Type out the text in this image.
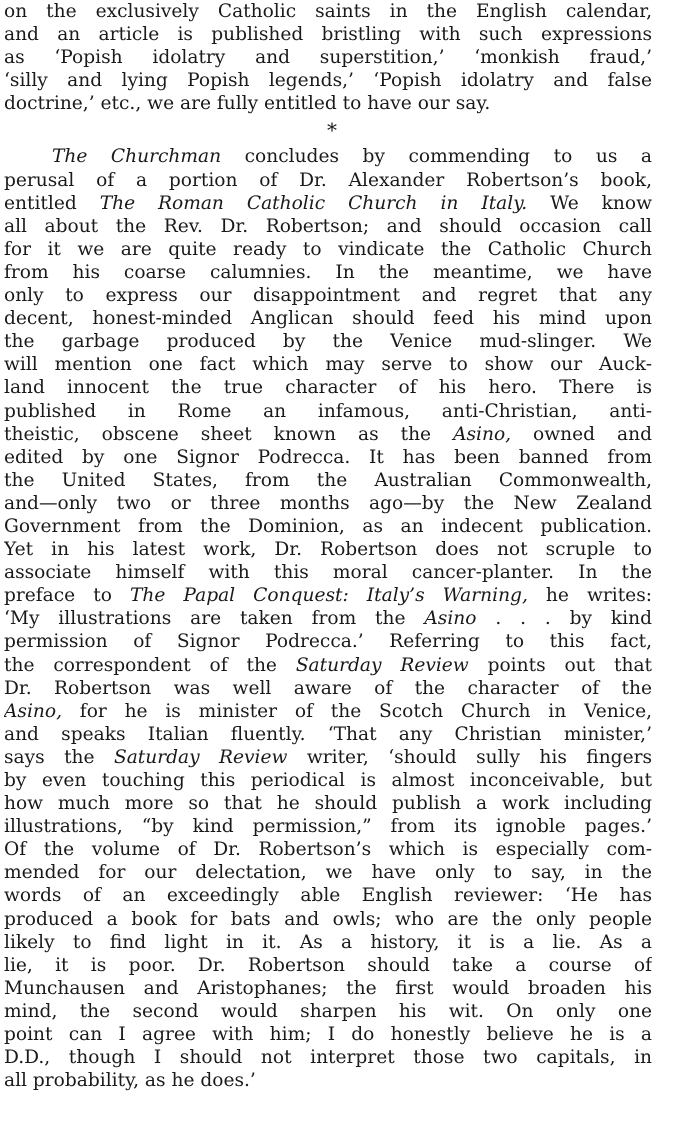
on the exclusively Catholic saints in the English calendar,
and an article is published bristling with such expressions
as ‘Popish idolatry and superstition,’ ‘monkish fraud,’
‘silly and lying Popish legends,’ ‘Popish idolatry and false
doctrine,’ etc., we are fully entitled to have our say.
*
The Churchman concludes by commending to us a
perusal of a portion of Dr. Alexander Robertson’s book,
entitled The Roman Catholic Church in Italy. We know
all about the Rev. Dr. Robertson; and should occasion call
for it we are quite ready to vindicate the Catholic Church
from his coarse calumnies. In the meantime, we have
only to express our disappointment and regret that any
decent, honest-minded Anglican should feed his mind upon
the garbage produced by the Venice mud-slinger. We
will mention one fact which may serve to show our Auck-
land innocent the true character of his hero. There is
published in Rome an infamous, anti-Christian, anti-
theistic, obscene sheet known as the Asino, owned and
edited by one Signor Podrecca. It has been banned from
the United States, from the Australian Commonwealth,
and—only two or three months ago—by the New Zealand
Government from the Dominion, as an indecent publication.
Yet in his latest work, Dr. Robertson does not scruple to
associate himself with this moral cancer-planter. In the
preface to The Papal Conquest: Italy’s Warning, he writes:
‘My illustrations are taken from the Asino . . . by kind
permission of Signor Podrecca.’ Referring to this fact,
the correspondent of the Saturday Review points out that
Dr. Robertson was well aware of the character of the
Asino, for he is minister of the Scotch Church in Venice,
and speaks Italian fluently. ‘That any Christian minister,’
says the Saturday Review writer, ‘should sully his fingers
by even touching this periodical is almost inconceivable, but
how much more so that he should publish a work including
illustrations, “by kind permission,” from its ignoble pages.’
Of the volume of Dr. Robertson’s which is especially com-
mended for our delectation, we have only to say, in the
words of an exceedingly able English reviewer: ‘He has
produced a book for bats and owls; who are the only people
likely to find light in it. As a history, it is a lie. As a
lie, it is poor. Dr. Robertson should take a course of
Munchausen and Aristophanes; the first would broaden his
mind, the second would sharpen his wit. On only one
point can I agree with him; I do honestly believe he is a
D.D., though I should not interpret those two capitals, in
all probability, as he does.’
